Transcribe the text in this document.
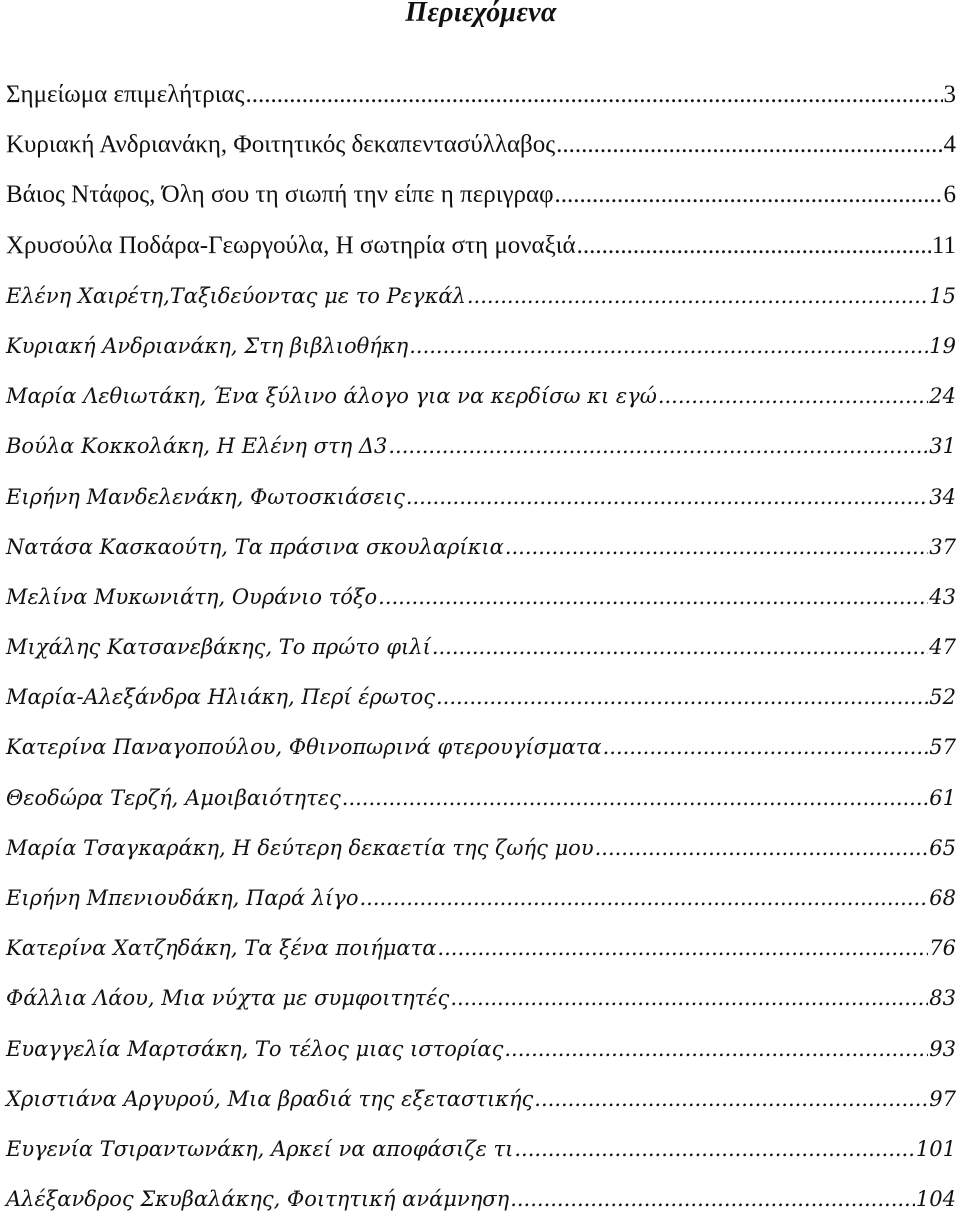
Περιεχόμενα
Σημείωμα επιμελήτριας .....	3
Κυριακή Ανδριανάκη, Φοιτητικός δεκαπεντασύλλαβος .....	4
Βάιος Ντάφος, Όλη σου τη σιωπή την είπε η περιγραφ .....	6
Χρυσούλα Ποδάρα-Γεωργούλα, Η σωτηρία στη μοναξιά .....	11
Ελένη Χαιρέτη,Ταξιδεύοντας με το Ρεγκάλ .....	15
Κυριακή Ανδριανάκη, Στη βιβλιοθήκη .....	19
Μαρία Λεθιωτάκη, Ένα ξύλινο άλογο για να κερδίσω κι εγώ .....	24
Βούλα Κοκκολάκη, Η Ελένη στη Δ3 .....	31
Ειρήνη Μανδελενάκη, Φωτοσκιάσεις .....	34
Νατάσα Κασκαούτη, Τα πράσινα σκουλαρίκια .....	37
Μελίνα Μυκωνιάτη, Ουράνιο τόξο .....	43
Μιχάλης Κατσανεβάκης, Το πρώτο φιλί .....	47
Μαρία-Αλεξάνδρα Ηλιάκη, Περί έρωτος .....	52
Κατερίνα Παναγοπούλου, Φθινοπωρινά φτερουγίσματα .....	57
Θεοδώρα Τερζή, Αμοιβαιότητες .....	61
Μαρία Τσαγκαράκη, Η δεύτερη δεκαετία της ζωής μου .....	65
Ειρήνη Μπενιουδάκη, Παρά λίγο .....	68
Κατερίνα Χατζηδάκη, Τα ξένα ποιήματα .....	76
Φάλλια Λάου, Μια νύχτα με συμφοιτητές .....	83
Ευαγγελία Μαρτσάκη, Το τέλος μιας ιστορίας .....	93
Χριστιάνα Αργυρού, Μια βραδιά της εξεταστικής .....	97
Ευγενία Τσιραντωνάκη, Αρκεί να αποφάσιζε τι .....	101
Αλέξανδρος Σκυβαλάκης, Φοιτητική ανάμνηση .....	104
